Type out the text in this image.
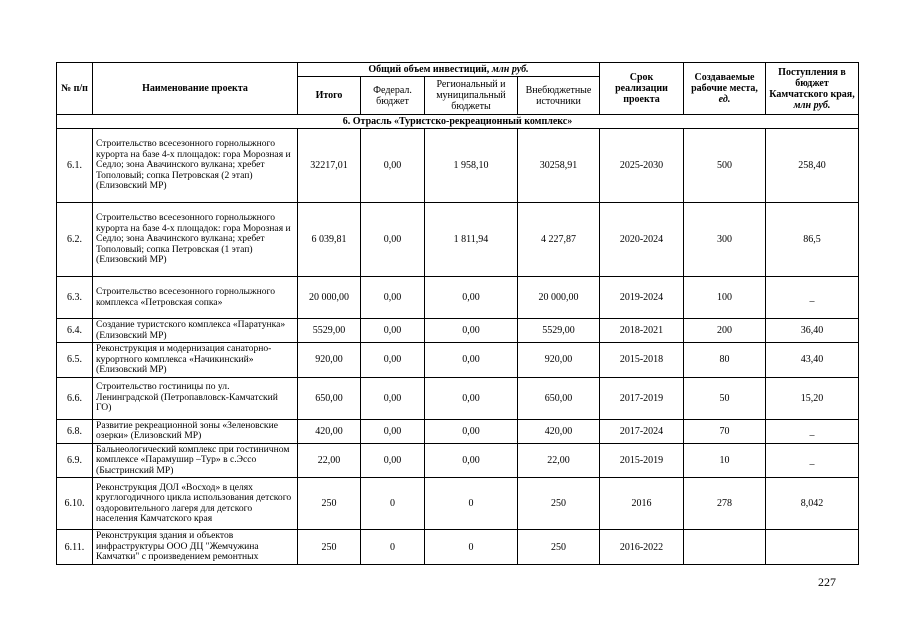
№ п/п	Наименование проекта	Общий объем инвестиций, млн руб.				Срок реализации проекта	Создаваемые рабочие места, ед.	Поступления в бюджет Камчатского края, млн руб.
		Итого	Федерал. бюджет	Региональный и муниципальный бюджеты	Внебюджетные источники			
6. Отрасль «Туристско-рекреационный комплекс»								
6.1.	Строительство всесезонного горнолыжного курорта на базе 4-х площадок: гора Морозная и Седло; зона Авачинского вулкана; хребет Тополовый; сопка Петровская (2 этап) (Елизовский МР)	32217,01	0,00	1 958,10	30258,91	2025-2030	500	258,40
6.2.	Строительство всесезонного горнолыжного курорта на базе 4-х площадок: гора Морозная и Седло; зона Авачинского вулкана; хребет Тополовый; сопка Петровская (1 этап) (Елизовский МР)	6 039,81	0,00	1 811,94	4 227,87	2020-2024	300	86,5
6.3.	Строительство всесезонного горнолыжного комплекса «Петровская сопка»	20 000,00	0,00	0,00	20 000,00	2019-2024	100	_
6.4.	Создание туристского комплекса «Паратунка» (Елизовский МР)	5529,00	0,00	0,00	5529,00	2018-2021	200	36,40
6.5.	Реконструкция и модернизация санаторно-курортного комплекса «Начикинский» (Елизовский МР)	920,00	0,00	0,00	920,00	2015-2018	80	43,40
6.6.	Строительство гостиницы по ул. Ленинградской (Петропавловск-Камчатский ГО)	650,00	0,00	0,00	650,00	2017-2019	50	15,20
6.8.	Развитие рекреационной зоны «Зеленовские озерки» (Елизовский МР)	420,00	0,00	0,00	420,00	2017-2024	70	_
6.9.	Бальнеологический комплекс при гостиничном комплексе «Парамушир –Тур» в с.Эссо (Быстринский МР)	22,00	0,00	0,00	22,00	2015-2019	10	_
6.10.	Реконструкция ДОЛ «Восход» в целях круглогодичного цикла использования детского оздоровительного лагеря для детского населения Камчатского края	250	0	0	250	2016	278	8,042
6.11.	Реконструкция здания и объектов инфраструктуры ООО ДЦ "Жемчужина Камчатки" с произведением ремонтных	250	0	0	250	2016-2022		
227
